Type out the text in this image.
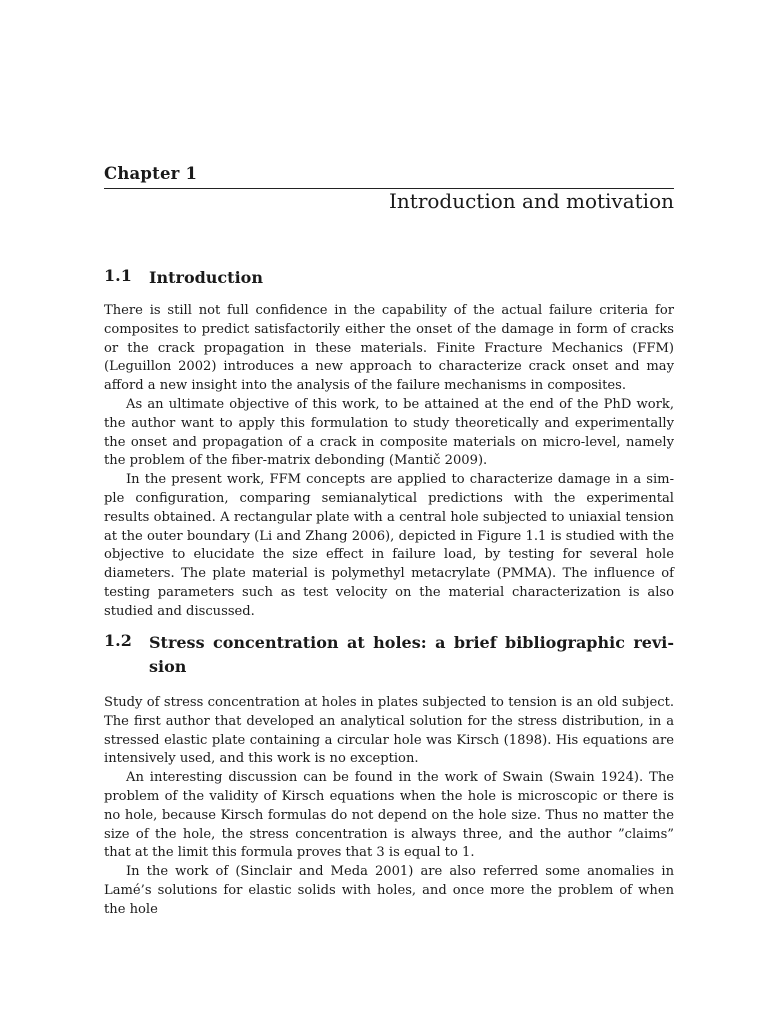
Chapter 1
Introduction and motivation
1.1	Introduction

There is still not full confidence in the capability of the actual failure criteria for composites to predict satisfactorily either the onset of the damage in form of cracks or the crack propagation in these materials. Finite Fracture Mechanics (FFM) (Leguillon 2002) introduces a new approach to characterize crack onset and may afford a new insight into the analysis of the failure mechanisms in composites.

As an ultimate objective of this work, to be attained at the end of the PhD work, the author want to apply this formulation to study theoretically and experimentally the onset and propagation of a crack in composite materials on micro-level, namely the problem of the fiber-matrix debonding (Mantič 2009).

In the present work, FFM concepts are applied to characterize damage in a simple configuration, comparing semianalytical predictions with the experimental results obtained. A rectangular plate with a central hole subjected to uniaxial tension at the outer boundary (Li and Zhang 2006), depicted in Figure 1.1 is studied with the objective to elucidate the size effect in failure load, by testing for several hole diameters. The plate material is polymethyl metacrylate (PMMA). The influence of testing parameters such as test velocity on the material characterization is also studied and discussed.

1.2	Stress concentration at holes: a brief bibliographic revision

Study of stress concentration at holes in plates subjected to tension is an old subject. The first author that developed an analytical solution for the stress distribution, in a stressed elastic plate containing a circular hole was Kirsch (1898). His equations are intensively used, and this work is no exception.

An interesting discussion can be found in the work of Swain (Swain 1924). The problem of the validity of Kirsch equations when the hole is microscopic or there is no hole, because Kirsch formulas do not depend on the hole size. Thus no matter the size of the hole, the stress concentration is always three, and the author ”claims” that at the limit this formula proves that 3 is equal to 1.

In the work of (Sinclair and Meda 2001) are also referred some anomalies in Lamé’s solutions for elastic solids with holes, and once more the problem of when the hole
